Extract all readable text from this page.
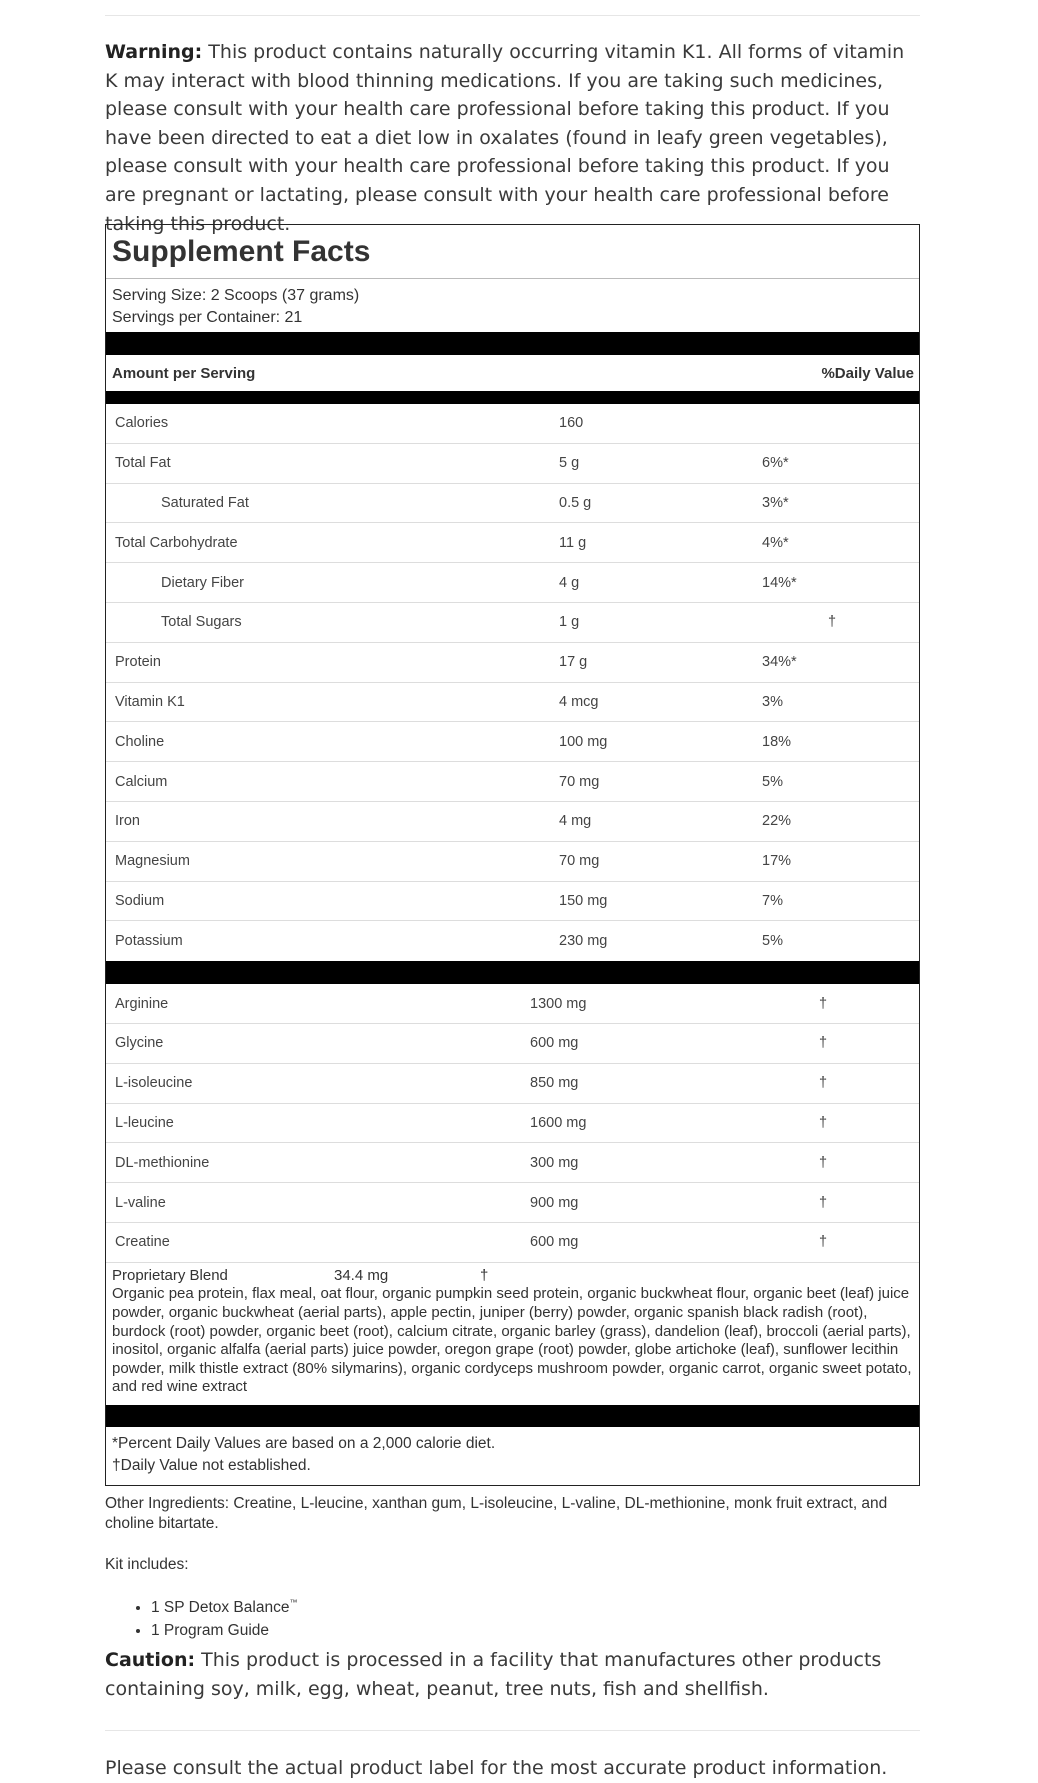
Warning: This product contains naturally occurring vitamin K1. All forms of vitamin K may interact with blood thinning medications. If you are taking such medicines, please consult with your health care professional before taking this product. If you have been directed to eat a diet low in oxalates (found in leafy green vegetables), please consult with your health care professional before taking this product. If you are pregnant or lactating, please consult with your health care professional before taking this product.

Supplement Facts
Serving Size: 2 Scoops (37 grams)
Servings per Container: 21
Amount per Serving	%Daily Value
Calories	160
Total Fat	5 g	6%*
Saturated Fat	0.5 g	3%*
Total Carbohydrate	11 g	4%*
Dietary Fiber	4 g	14%*
Total Sugars	1 g	†
Protein	17 g	34%*
Vitamin K1	4 mcg	3%
Choline	100 mg	18%
Calcium	70 mg	5%
Iron	4 mg	22%
Magnesium	70 mg	17%
Sodium	150 mg	7%
Potassium	230 mg	5%
Arginine	1300 mg	†
Glycine	600 mg	†
L-isoleucine	850 mg	†
L-leucine	1600 mg	†
DL-methionine	300 mg	†
L-valine	900 mg	†
Creatine	600 mg	†
Proprietary Blend	34.4 mg	†
Organic pea protein, flax meal, oat flour, organic pumpkin seed protein, organic buckwheat flour, organic beet (leaf) juice powder, organic buckwheat (aerial parts), apple pectin, juniper (berry) powder, organic spanish black radish (root), burdock (root) powder, organic beet (root), calcium citrate, organic barley (grass), dandelion (leaf), broccoli (aerial parts), inositol, organic alfalfa (aerial parts) juice powder, oregon grape (root) powder, globe artichoke (leaf), sunflower lecithin powder, milk thistle extract (80% silymarins), organic cordyceps mushroom powder, organic carrot, organic sweet potato, and red wine extract
*Percent Daily Values are based on a 2,000 calorie diet.
†Daily Value not established.
Other Ingredients: Creatine, L-leucine, xanthan gum, L-isoleucine, L-valine, DL-methionine, monk fruit extract, and choline bitartate.
Kit includes:
• 1 SP Detox Balance™
• 1 Program Guide

Caution: This product is processed in a facility that manufactures other products containing soy, milk, egg, wheat, peanut, tree nuts, fish and shellfish.

Please consult the actual product label for the most accurate product information.
